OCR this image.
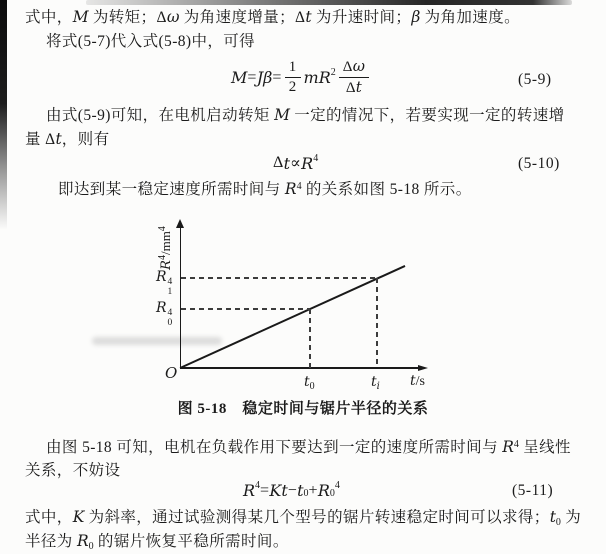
式中，M 为转矩；Δω 为角速度增量；Δt 为升速时间；β 为角加速度。
将式(5-7)代入式(5-8)中，可得
M = J $\beta = \frac{1}{2}$ m R $2 \frac{\Delta\omega}{\Delta t}$	(5-9)
由式(5-9)可知，在电机启动转矩 M 一定的情况下，若要实现一定的转速增
量 Δt，则有
Δ t ∝ R 4	(5-10)
即达到某一稳定速度所需时间与 $R^4$ 的关系如图 5-18 所示。
$R^4/mm^4$
R 4
1
R 4
0
O	$t_0$	$t_i$ t/s
图 5-18　稳定时间与锯片半径的关系
由图 5-18 可知，电机在负载作用下要达到一定的速度所需时间与 $R^4$ 呈线性
关系，不妨设
R 4 = K t − t 0 + R 0
4	(5-11)
式中，K 为斜率，通过试验测得某几个型号的锯片转速稳定时间可以求得；t0 为
半径为 R0 的锯片恢复平稳所需时间。
